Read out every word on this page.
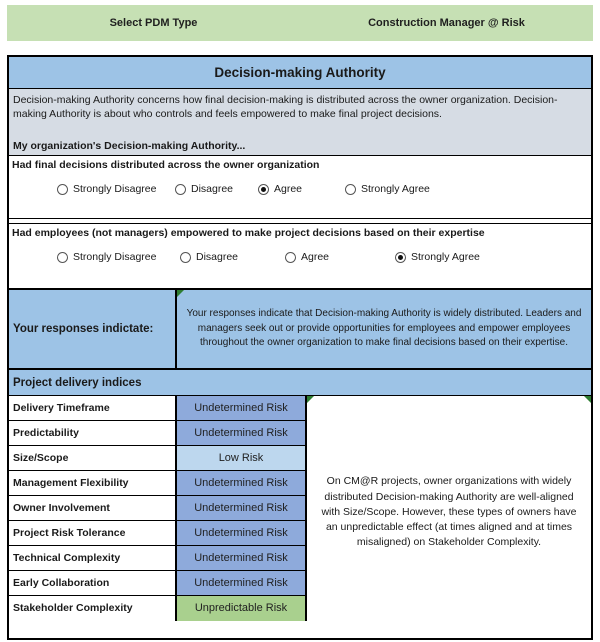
Select PDM Type	Construction Manager @ Risk
Decision-making Authority

Decision-making Authority concerns how final decision-making is distributed across the owner organization. Decision-making Authority is about who controls and feels empowered to make final project decisions.

My organization's Decision-making Authority...

Had final decisions distributed across the owner organization
Strongly Disagree	Disagree	Agree	Strongly Agree
Had employees (not managers) empowered to make project decisions based on their expertise
Strongly Disagree	Disagree	Agree	Strongly Agree
Your responses indictate:

Your responses indicate that Decision-making Authority is widely distributed. Leaders and managers seek out or provide opportunities for employees and empower employees throughout the owner organization to make final decisions based on their expertise.

Project delivery indices
Delivery Timeframe	Undetermined Risk
Predictability	Undetermined Risk
Size/Scope	Low Risk
Management Flexibility	Undetermined Risk
Owner Involvement	Undetermined Risk
Project Risk Tolerance	Undetermined Risk
Technical Complexity	Undetermined Risk
Early Collaboration	Undetermined Risk
Stakeholder Complexity	Unpredictable Risk

On CM@R projects, owner organizations with widely distributed Decision-making Authority are well-aligned with Size/Scope. However, these types of owners have an unpredictable effect (at times aligned and at times misaligned) on Stakeholder Complexity.
